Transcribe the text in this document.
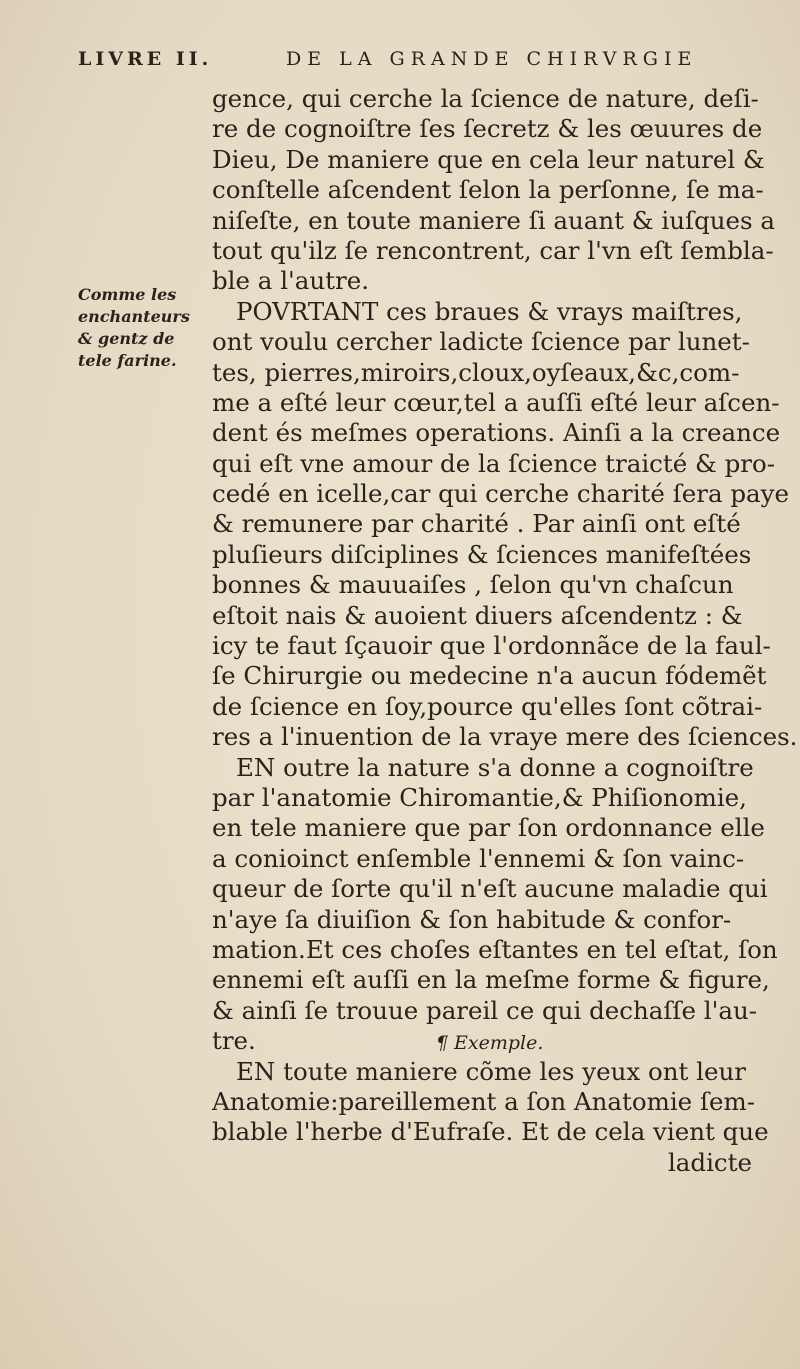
LIVRE II.	DE LA GRANDE CHIRVRGIE
Comme les
enchanteurs
& gentz de
tele farine.
gence, qui cerche la ſcience de nature, deſi-
re de cognoiſtre ſes ſecretz & les œuures de
Dieu, De maniere que en cela leur naturel &
conſtelle aſcendent ſelon la perſonne, ſe ma-
niſeſte, en toute maniere ſi auant & iuſques a
tout qu'ilz ſe rencontrent, car l'vn eſt ſembla-
ble a l'autre.
POVRTANT ces braues & vrays maiſtres,
ont voulu cercher ladicte ſcience par lunet-
tes, pierres,miroirs,cloux,oyſeaux,&c,com-
me a eſté leur cœur,tel a auſſi eſté leur aſcen-
dent és meſmes operations. Ainſi a la creance
qui eſt vne amour de la ſcience traicté & pro-
cedé en icelle,car qui cerche charité ſera paye
& remunere par charité . Par ainſi ont eſté
pluſieurs diſciplines & ſciences manifeſtées
bonnes & mauuaiſes , ſelon qu'vn chaſcun
eſtoit nais & auoient diuers aſcendentz : &
icy te faut ſçauoir que l'ordonnãce de la faul-
ſe Chirurgie ou medecine n'a aucun fódemẽt
de ſcience en ſoy,pource qu'elles ſont cõtrai-
res a l'inuention de la vraye mere des ſciences.
EN outre la nature s'a donne a cognoiſtre
par l'anatomie Chiromantie,& Phiſionomie,
en tele maniere que par ſon ordonnance elle
a conioinct enſemble l'ennemi & ſon vainc-
queur de ſorte qu'il n'eſt aucune maladie qui
n'aye ſa diuiſion & ſon habitude & confor-
mation.Et ces choſes eſtantes en tel eſtat, ſon
ennemi eſt auſſi en la meſme forme & figure,
& ainſi ſe trouue pareil ce qui dechaſſe l'au-
tre.	¶ Exemple.
EN toute maniere cõme les yeux ont leur
Anatomie:pareillement a ſon Anatomie ſem-
blable l'herbe d'Eufraſe. Et de cela vient que
ladicte
